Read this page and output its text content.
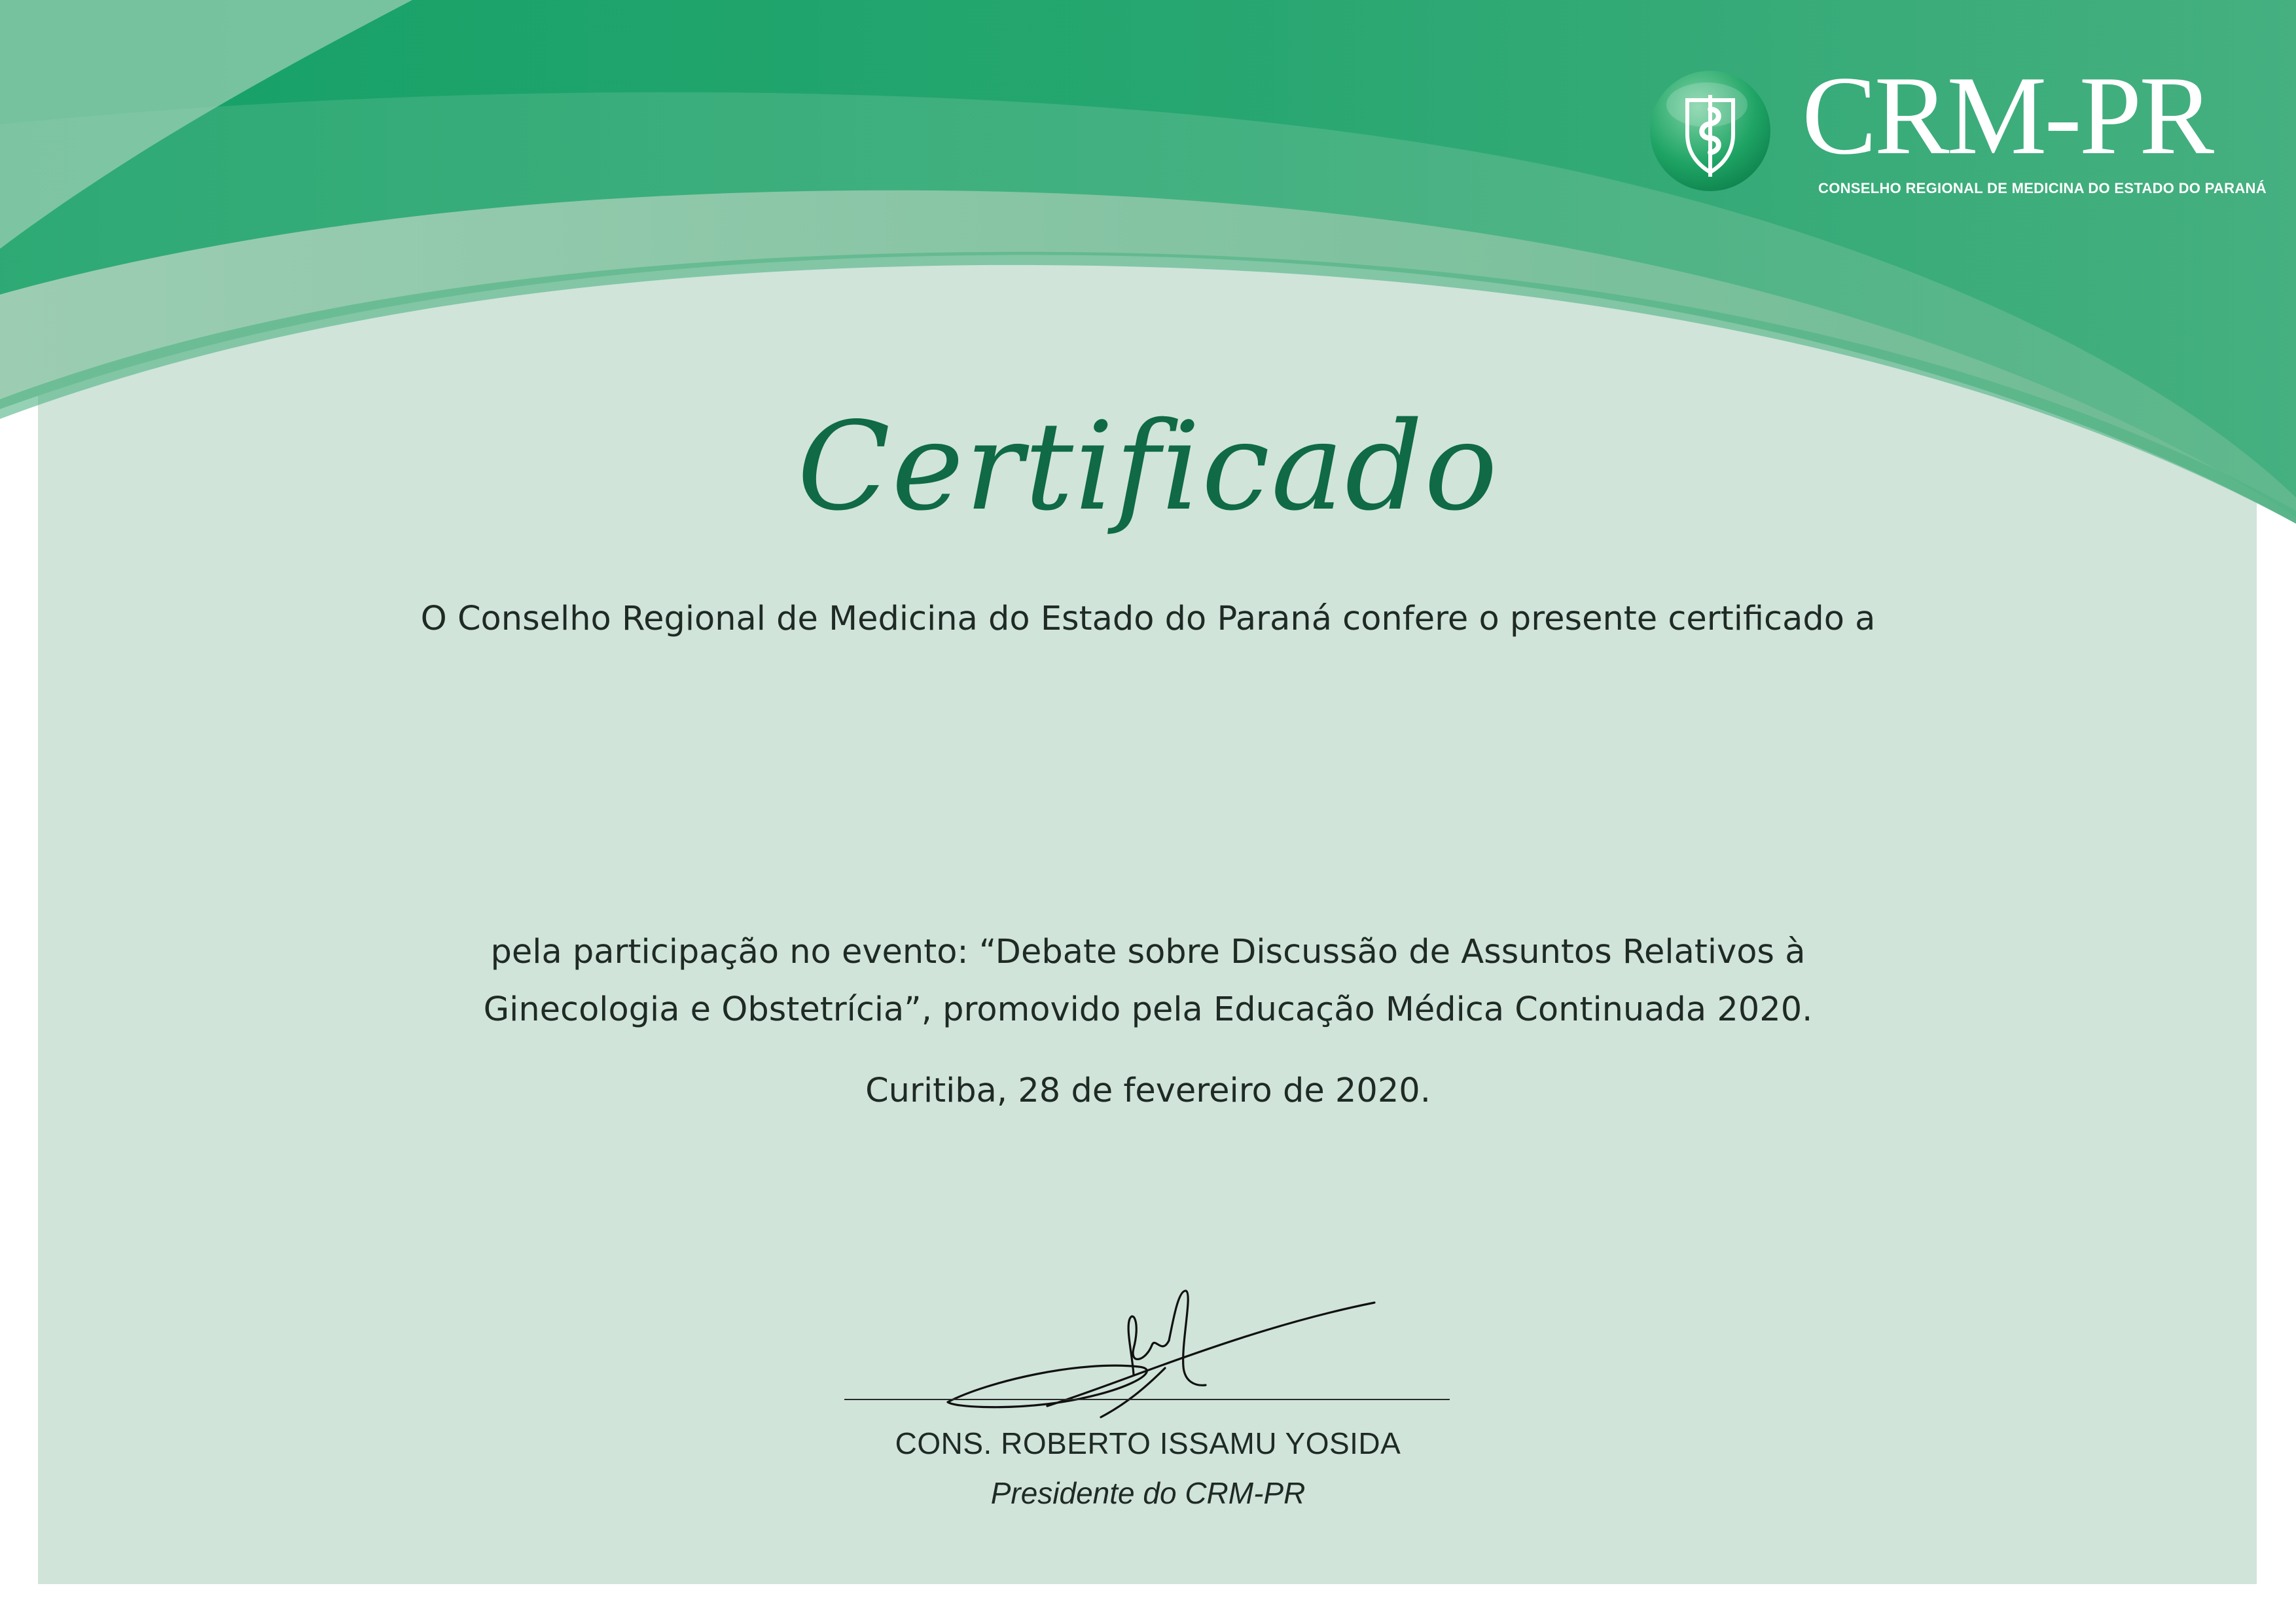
CRM-PR
CONSELHO REGIONAL DE MEDICINA DO ESTADO DO PARANÁ
Certificado
O Conselho Regional de Medicina do Estado do Paraná confere o presente certificado a
pela participação no evento: “Debate sobre Discussão de Assuntos Relativos à
Ginecologia e Obstetrícia”, promovido pela Educação Médica Continuada 2020.
Curitiba, 28 de fevereiro de 2020.
CONS. ROBERTO ISSAMU YOSIDA
Presidente do CRM-PR
